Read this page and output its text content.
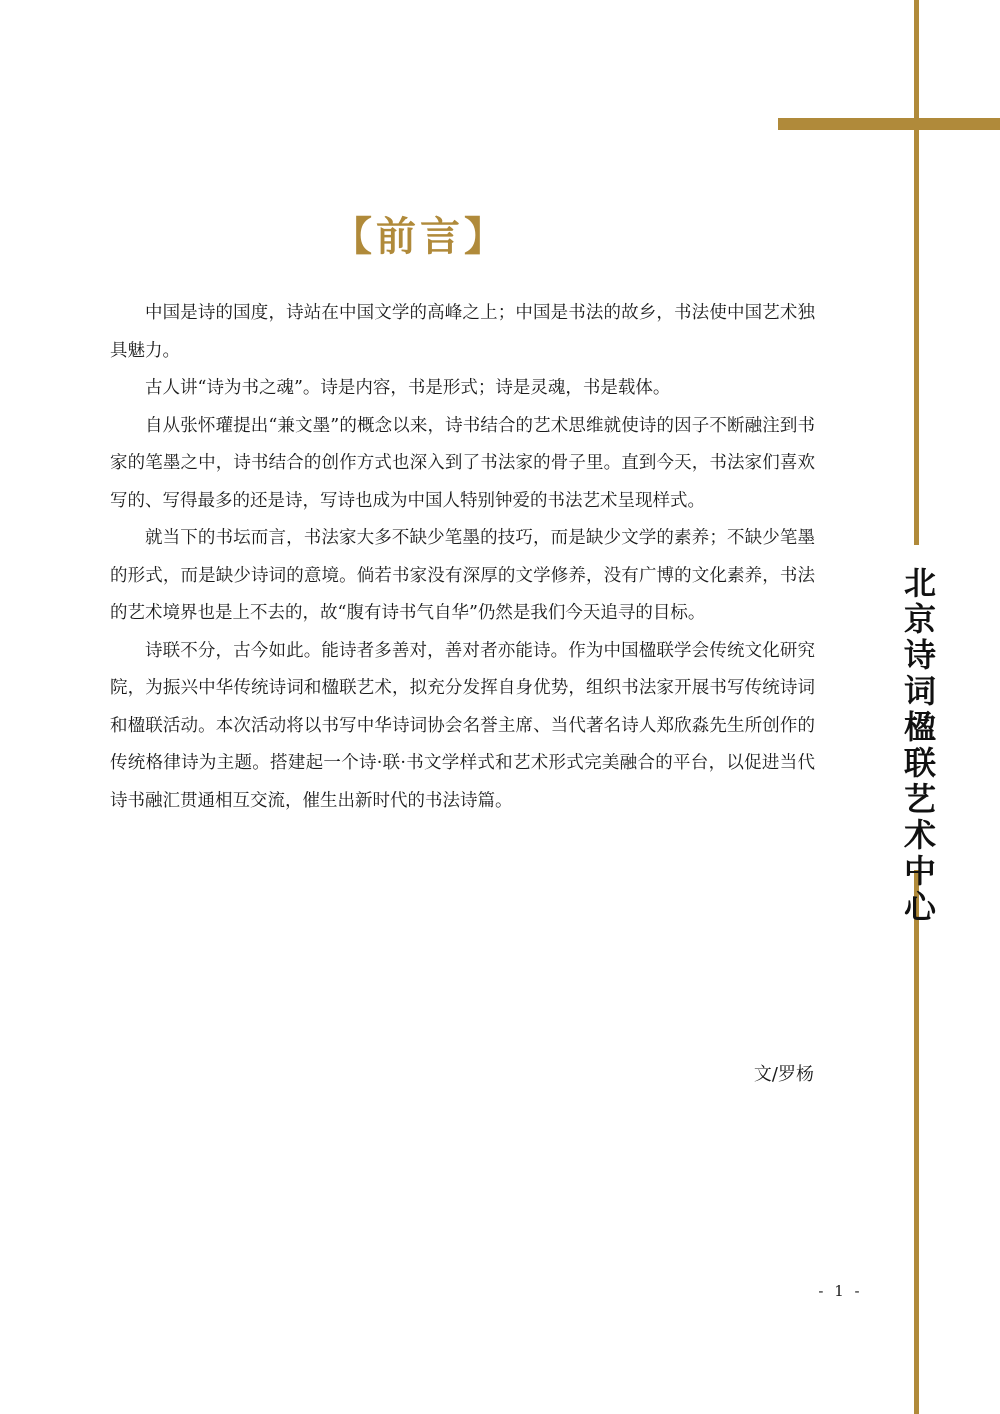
【前言】

中国是诗的国度，诗站在中国文学的高峰之上；中国是书法的故乡，书法使中国艺术独具魅力。

古人讲“诗为书之魂”。诗是内容，书是形式；诗是灵魂，书是载体。

自从张怀瓘提出“兼文墨”的概念以来，诗书结合的艺术思维就使诗的因子不断融注到书家的笔墨之中，诗书结合的创作方式也深入到了书法家的骨子里。直到今天，书法家们喜欢写的、写得最多的还是诗，写诗也成为中国人特别钟爱的书法艺术呈现样式。

就当下的书坛而言，书法家大多不缺少笔墨的技巧，而是缺少文学的素养；不缺少笔墨的形式，而是缺少诗词的意境。倘若书家没有深厚的文学修养，没有广博的文化素养，书法的艺术境界也是上不去的，故“腹有诗书气自华”仍然是我们今天追寻的目标。

诗联不分，古今如此。能诗者多善对，善对者亦能诗。作为中国楹联学会传统文化研究院，为振兴中华传统诗词和楹联艺术，拟充分发挥自身优势，组织书法家开展书写传统诗词和楹联活动。本次活动将以书写中华诗词协会名誉主席、当代著名诗人郑欣淼先生所创作的传统格律诗为主题。搭建起一个诗·联·书文学样式和艺术形式完美融合的平台，以促进当代诗书融汇贯通相互交流，催生出新时代的书法诗篇。

文/罗杨
北京诗词楹联艺术中心
- 1 -
